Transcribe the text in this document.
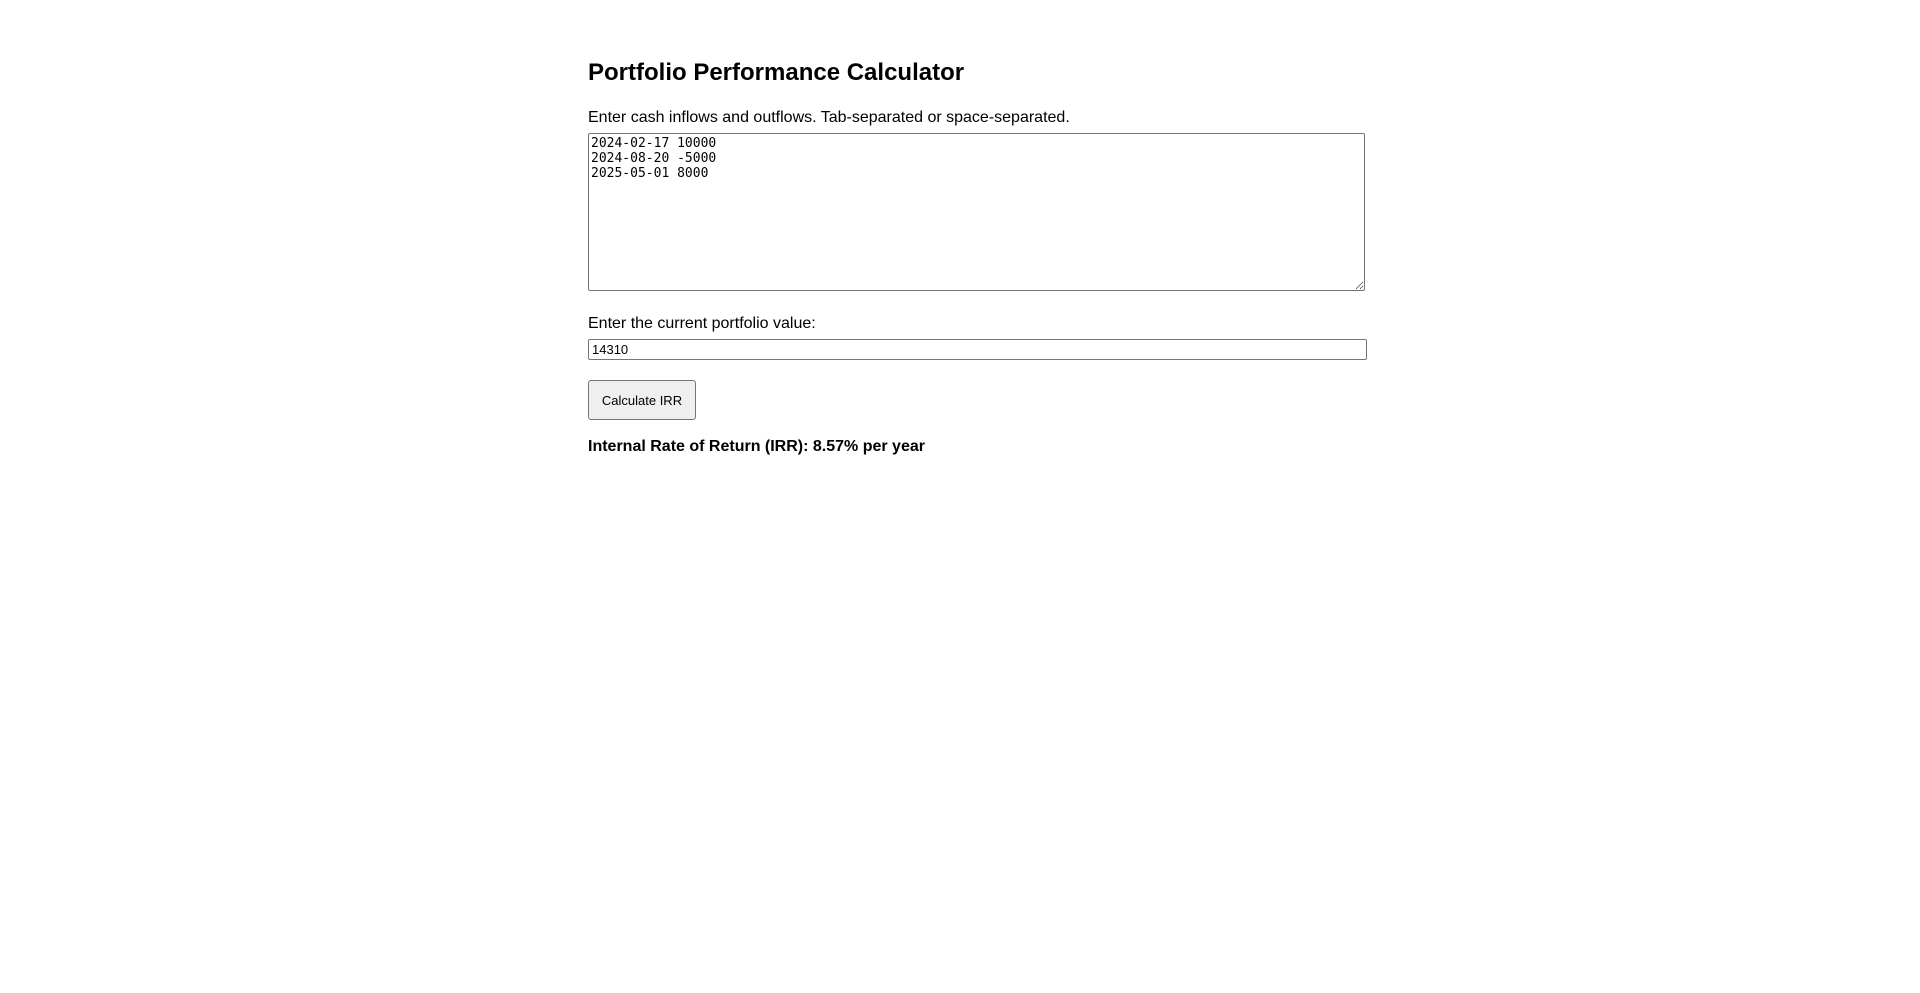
Portfolio Performance Calculator
Enter cash inflows and outflows. Tab-separated or space-separated.
2024-02-17 10000 2024-08-20 -5000 2025-05-01 8000
Enter the current portfolio value:
14310
Calculate IRR
Internal Rate of Return (IRR): 8.57% per year
